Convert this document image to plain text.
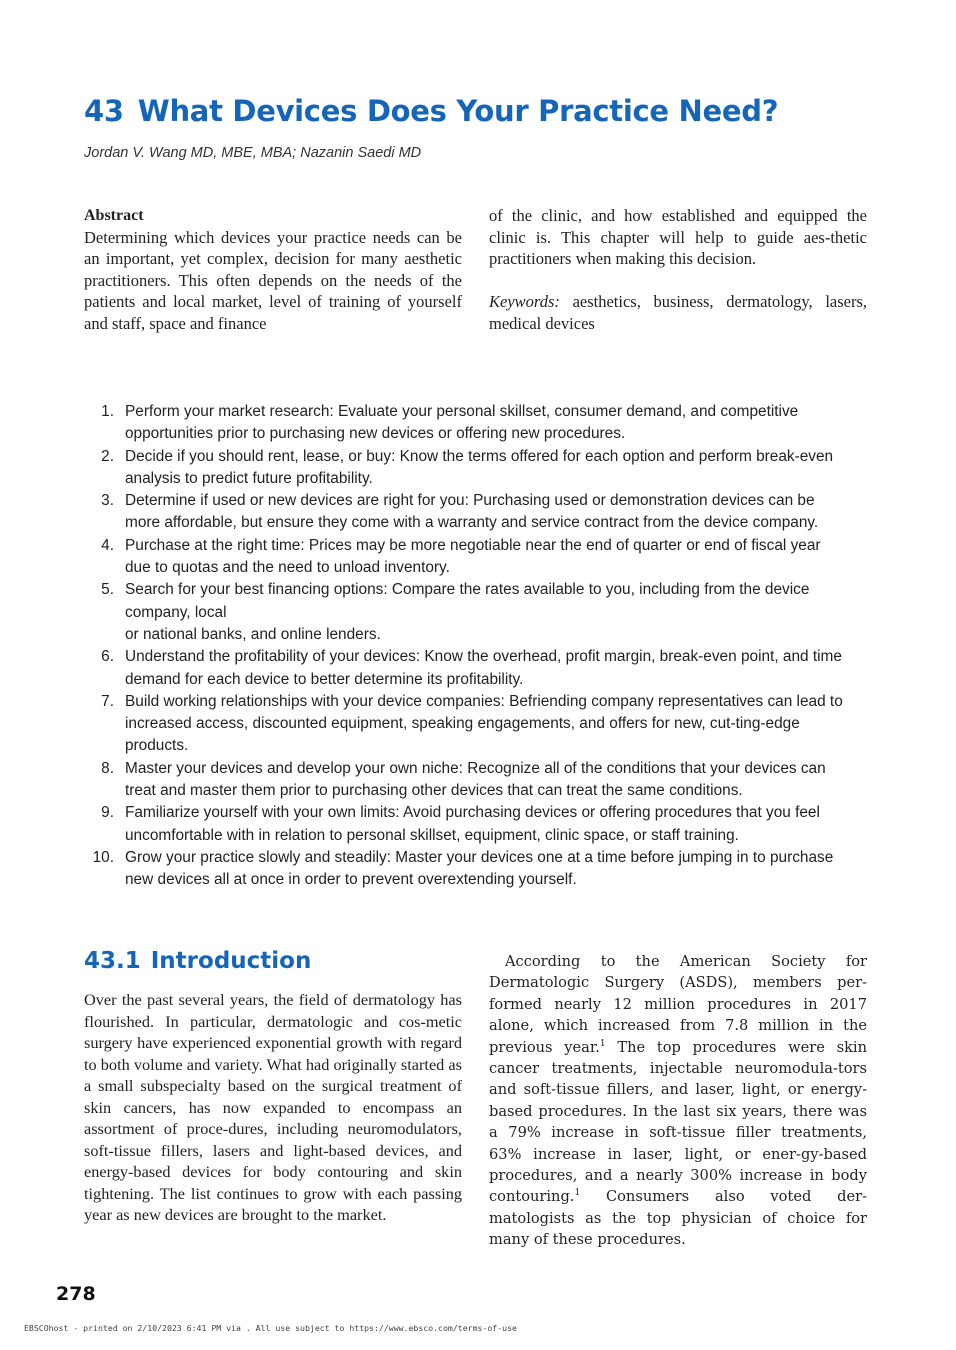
43 What Devices Does Your Practice Need?
Jordan V. Wang MD, MBE, MBA; Nazanin Saedi MD
Abstract

Determining which devices your practice needs can be an important, yet complex, decision for many aesthetic practitioners. This often depends on the needs of the patients and local market, level of training of yourself and staff, space and finance

of the clinic, and how established and equipped the clinic is. This chapter will help to guide aes-thetic practitioners when making this decision.

Keywords: aesthetics, business, dermatology, lasers, medical devices

1. Perform your market research: Evaluate your personal skillset, consumer demand, and competitive opportunities prior to purchasing new devices or offering new procedures.
2. Decide if you should rent, lease, or buy: Know the terms offered for each option and perform break-even analysis to predict future profitability.
3. Determine if used or new devices are right for you: Purchasing used or demonstration devices can be more affordable, but ensure they come with a warranty and service contract from the device company.
4. Purchase at the right time: Prices may be more negotiable near the end of quarter or end of fiscal year due to quotas and the need to unload inventory.
5. Search for your best financing options: Compare the rates available to you, including from the device company, local
or national banks, and online lenders.
6. Understand the profitability of your devices: Know the overhead, profit margin, break-even point, and time demand for each device to better determine its profitability.
7. Build working relationships with your device companies: Befriending company representatives can lead to increased access, discounted equipment, speaking engagements, and offers for new, cut-ting-edge products.
8. Master your devices and develop your own niche: Recognize all of the conditions that your devices can treat and master them prior to purchasing other devices that can treat the same conditions.
9. Familiarize yourself with your own limits: Avoid purchasing devices or offering procedures that you feel uncomfortable with in relation to personal skillset, equipment, clinic space, or staff training.
10. Grow your practice slowly and steadily: Master your devices one at a time before jumping in to purchase new devices all at once in order to prevent overextending yourself.
43.1 Introduction

Over the past several years, the field of dermatology has flourished. In particular, dermatologic and cos-metic surgery have experienced exponential growth with regard to both volume and variety. What had originally started as a small subspecialty based on the surgical treatment of skin cancers, has now expanded to encompass an assortment of proce-dures, including neuromodulators, soft-tissue fillers, lasers and light-based devices, and energy-based devices for body contouring and skin tightening. The list continues to grow with each passing year as new devices are brought to the market.

According to the American Society for Dermatologic Surgery (ASDS), members per-formed nearly 12 million procedures in 2017 alone, which increased from 7.8 million in the previous year.$^1$ The top procedures were skin cancer treatments, injectable neuromodula-tors and soft-tissue fillers, and laser, light, or energy-based procedures. In the last six years, there was a 79% increase in soft-tissue filler treatments, 63% increase in laser, light, or ener-gy-based procedures, and a nearly 300% increase in body contouring.$^1$ Consumers also voted der-matologists as the top physician of choice for many of these procedures.

278
EBSCOhost - printed on 2/10/2023 6:41 PM via . All use subject to https://www.ebsco.com/terms-of-use
